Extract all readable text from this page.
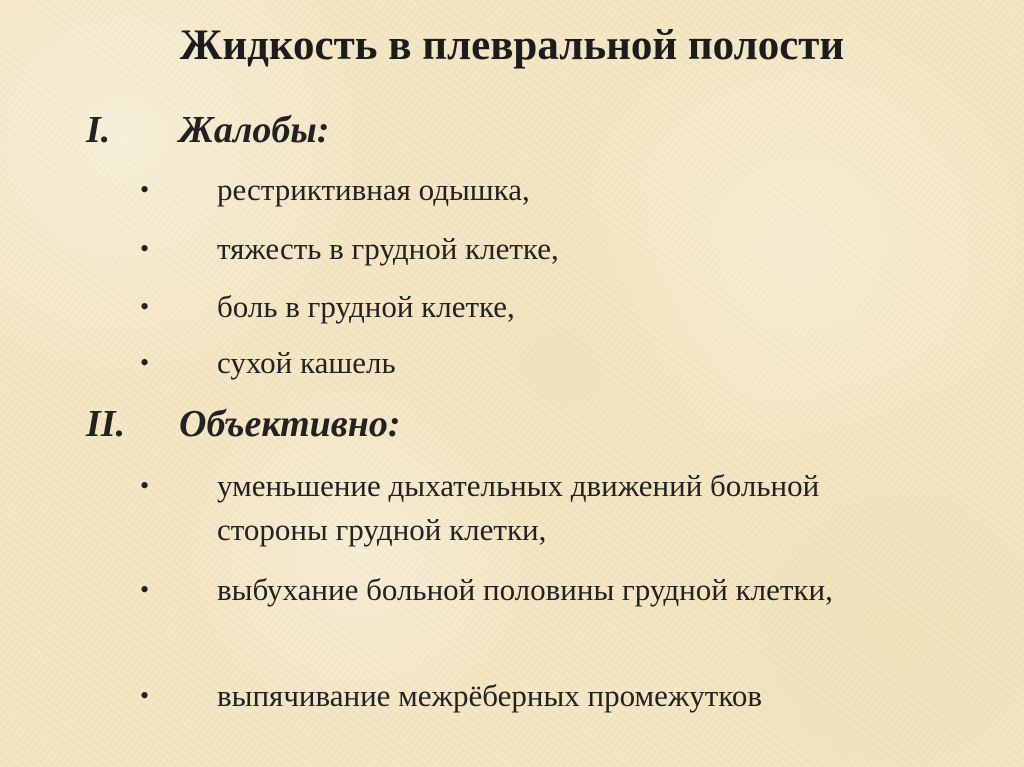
Жидкость в плевральной полости
I. Жалобы:
•	рестриктивная одышка,
•	тяжесть в грудной клетке,
•	боль в грудной клетке,
•	сухой кашель
II. Объективно:
•	уменьшение дыхательных движений больной стороны грудной клетки,
•	выбухание больной половины грудной клетки,
•	выпячивание межрёберных промежутков
